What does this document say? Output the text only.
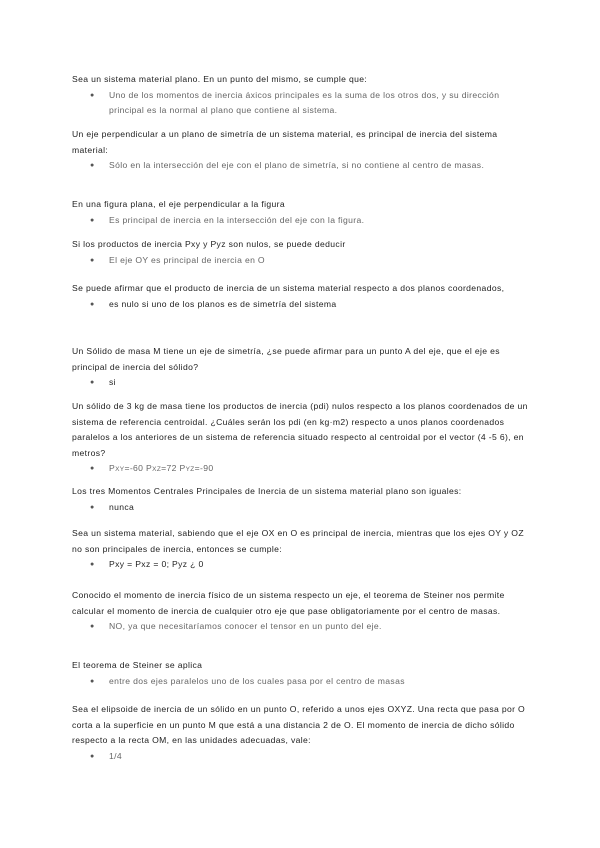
Sea un sistema material plano. En un punto del mismo, se cumple que:

● Uno de los momentos de inercia áxicos principales es la suma de los otros dos, y su dirección principal es la normal al plano que contiene al sistema.

Un eje perpendicular a un plano de simetría de un sistema material, es principal de inercia del sistema material:

● Sólo en la intersección del eje con el plano de simetría, si no contiene al centro de masas.

En una figura plana, el eje perpendicular a la figura

● Es principal de inercia en la intersección del eje con la figura.

Si los productos de inercia Pxy y Pyz son nulos, se puede deducir

● El eje OY es principal de inercia en O

Se puede afirmar que el producto de inercia de un sistema material respecto a dos planos coordenados,

● es nulo si uno de los planos es de simetría del sistema

Un Sólido de masa M tiene un eje de simetría, ¿se puede afirmar para un punto A del eje, que el eje es principal de inercia del sólido?

● si

Un sólido de 3 kg de masa tiene los productos de inercia (pdi) nulos respecto a los planos coordenados de un sistema de referencia centroidal. ¿Cuáles serán los pdi (en kg·m2) respecto a unos planos coordenados paralelos a los anteriores de un sistema de referencia situado respecto al centroidal por el vector (4 -5 6), en metros?

● PXY=-60 PXZ=72 PYZ=-90

Los tres Momentos Centrales Principales de Inercia de un sistema material plano son iguales:

● nunca

Sea un sistema material, sabiendo que el eje OX en O es principal de inercia, mientras que los ejes OY y OZ no son principales de inercia, entonces se cumple:

● Pxy = Pxz = 0; Pyz ¿ 0

Conocido el momento de inercia físico de un sistema respecto un eje, el teorema de Steiner nos permite calcular el momento de inercia de cualquier otro eje que pase obligatoriamente por el centro de masas.

● NO, ya que necesitaríamos conocer el tensor en un punto del eje.

El teorema de Steiner se aplica

● entre dos ejes paralelos uno de los cuales pasa por el centro de masas

Sea el elipsoide de inercia de un sólido en un punto O, referido a unos ejes OXYZ. Una recta que pasa por O corta a la superficie en un punto M que está a una distancia 2 de O. El momento de inercia de dicho sólido respecto a la recta OM, en las unidades adecuadas, vale:

● 1/4
